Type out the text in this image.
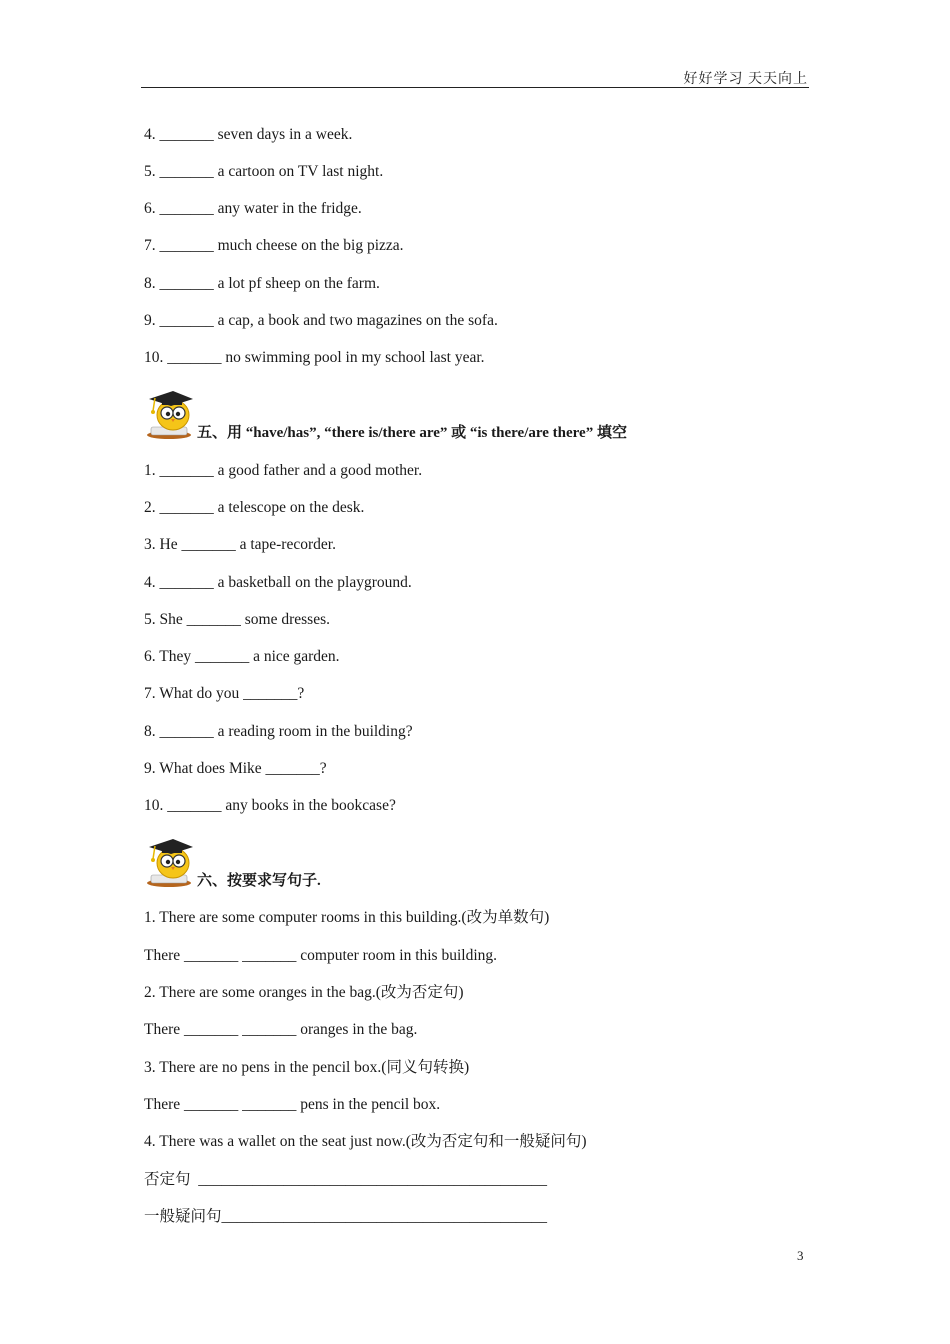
好好学习 天天向上
4. _______ seven days in a week.
5. _______ a cartoon on TV last night.
6. _______ any water in the fridge.
7. _______ much cheese on the big pizza.
8. _______ a lot pf sheep on the farm.
9. _______ a cap, a book and two magazines on the sofa.
10. _______ no swimming pool in my school last year.
五、用 “have/has”, “there is/there are” 或 “is there/are there” 填空
1. _______ a good father and a good mother.
2. _______ a telescope on the desk.
3. He _______ a tape-recorder.
4. _______ a basketball on the playground.
5. She _______ some dresses.
6. They _______ a nice garden.
7. What do you _______?
8. _______ a reading room in the building?
9. What does Mike _______?
10. _______ any books in the bookcase?
六、按要求写句子.
1. There are some computer rooms in this building.(改为单数句)
There _______ _______ computer room in this building.
2. There are some oranges in the bag.(改为否定句)
There _______ _______ oranges in the bag.
3. There are no pens in the pencil box.(同义句转换)
There _______ _______ pens in the pencil box.
4. There was a wallet on the seat just now.(改为否定句和一般疑问句)
否定句  _____________________________________________
一般疑问句__________________________________________
3
